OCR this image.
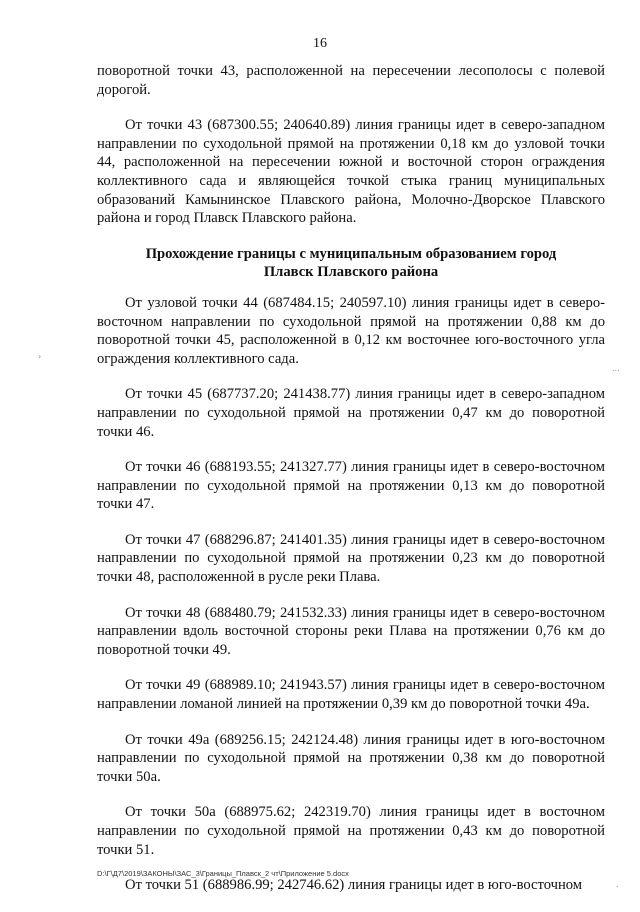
16

поворотной точки 43, расположенной на пересечении лесополосы с полевой дорогой.

От точки 43 (687300.55; 240640.89) линия границы идет в северо-западном направлении по суходольной прямой на протяжении 0,18 км до узловой точки 44, расположенной на пересечении южной и восточной сторон ограждения коллективного сада и являющейся точкой стыка границ муниципальных образований Камынинское Плавского района, Молочно-Дворское Плавского района и город Плавск Плавского района.

Прохождение границы с муниципальным образованием город Плавск Плавского района

От узловой точки 44 (687484.15; 240597.10) линия границы идет в северо-восточном направлении по суходольной прямой на протяжении 0,88 км до поворотной точки 45, расположенной в 0,12 км восточнее юго-восточного угла ограждения коллективного сада.

От точки 45 (687737.20; 241438.77) линия границы идет в северо-западном направлении по суходольной прямой на протяжении 0,47 км до поворотной точки 46.

От точки 46 (688193.55; 241327.77) линия границы идет в северо-восточном направлении по суходольной прямой на протяжении 0,13 км до поворотной точки 47.

От точки 47 (688296.87; 241401.35) линия границы идет в северо-восточном направлении по суходольной прямой на протяжении 0,23 км до поворотной точки 48, расположенной в русле реки Плава.

От точки 48 (688480.79; 241532.33) линия границы идет в северо-восточном направлении вдоль восточной стороны реки Плава на протяжении 0,76 км до поворотной точки 49.

От точки 49 (688989.10; 241943.57) линия границы идет в северо-восточном направлении ломаной линией на протяжении 0,39 км до поворотной точки 49а.

От точки 49а (689256.15; 242124.48) линия границы идет в юго-восточном направлении по суходольной прямой на протяжении 0,38 км до поворотной точки 50а.

От точки 50а (688975.62; 242319.70) линия границы идет в восточном направлении по суходольной прямой на протяжении 0,43 км до поворотной точки 51.

От точки 51 (688986.99; 242746.62) линия границы идет в юго-восточном

D:\Г\Д7\2019\ЗАКОНЫ\ЗАС_3\Границы_Плавск_2 чт\Приложение 5.docx
›
...
.
